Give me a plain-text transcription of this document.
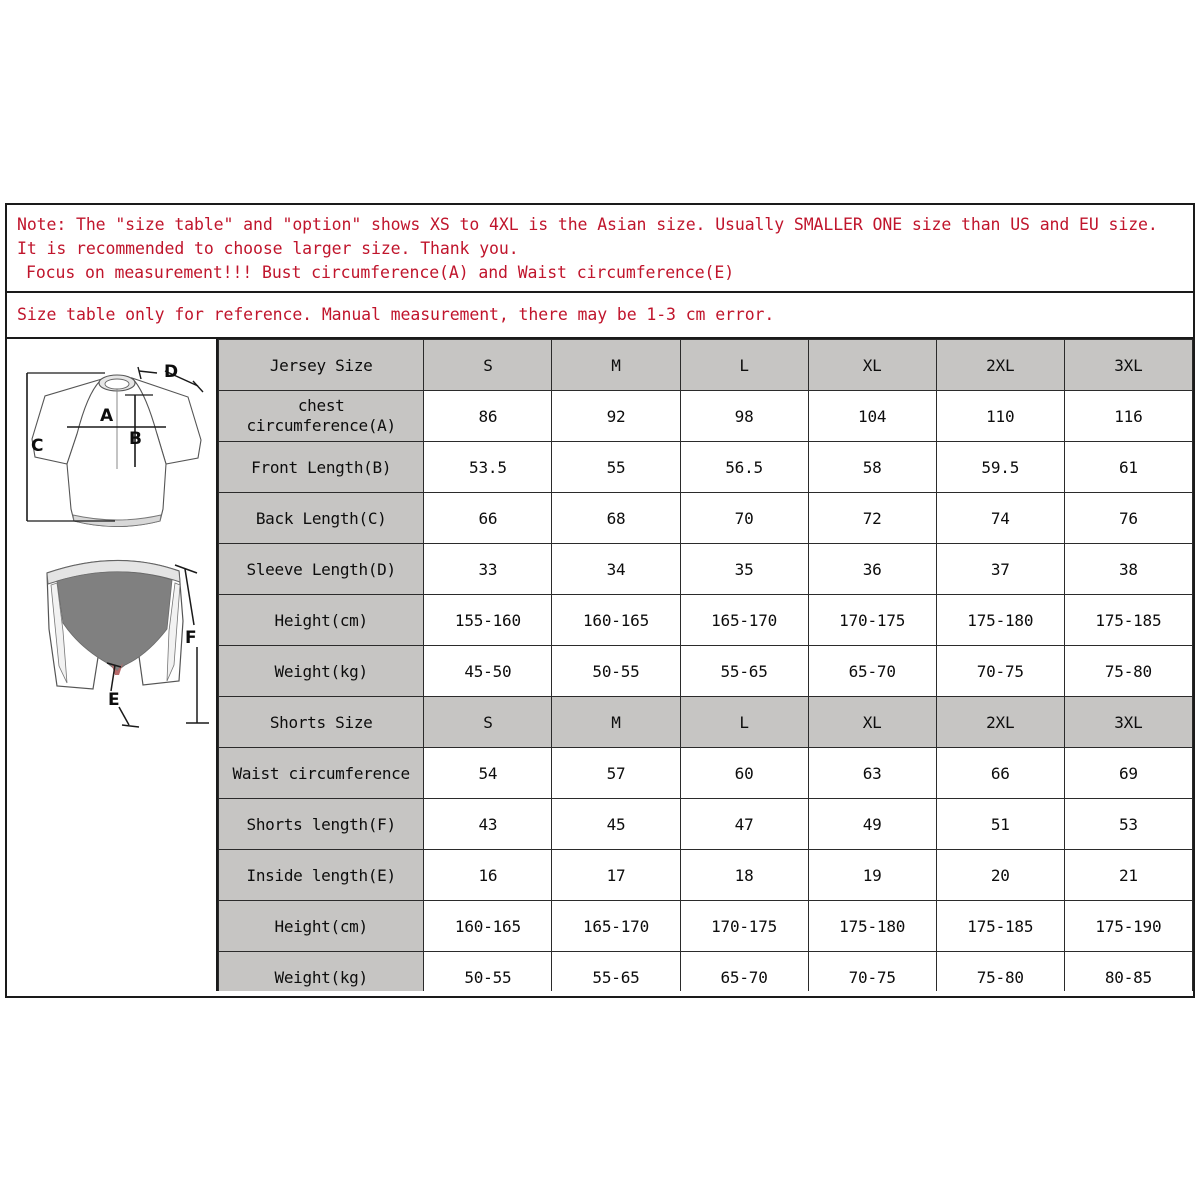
Note: The "size table" and "option" shows XS to 4XL is the Asian size. Usually SMALLER ONE size than US and EU size.
It is recommended to choose larger size. Thank you.
Focus on measurement!!! Bust circumference(A) and Waist circumference(E)
Size table only for reference. Manual measurement, there may be 1-3 cm error.
A
B
C
D
E
F
Jersey Size	S	M	L	XL	2XL	3XL
chest circumference(A)	86	92	98	104	110	116
Front Length(B)	53.5	55	56.5	58	59.5	61
Back Length(C)	66	68	70	72	74	76
Sleeve Length(D)	33	34	35	36	37	38
Height(cm)	155-160	160-165	165-170	170-175	175-180	175-185
Weight(kg)	45-50	50-55	55-65	65-70	70-75	75-80
Shorts Size	S	M	L	XL	2XL	3XL
Waist circumference	54	57	60	63	66	69
Shorts length(F)	43	45	47	49	51	53
Inside length(E)	16	17	18	19	20	21
Height(cm)	160-165	165-170	170-175	175-180	175-185	175-190
Weight(kg)	50-55	55-65	65-70	70-75	75-80	80-85
